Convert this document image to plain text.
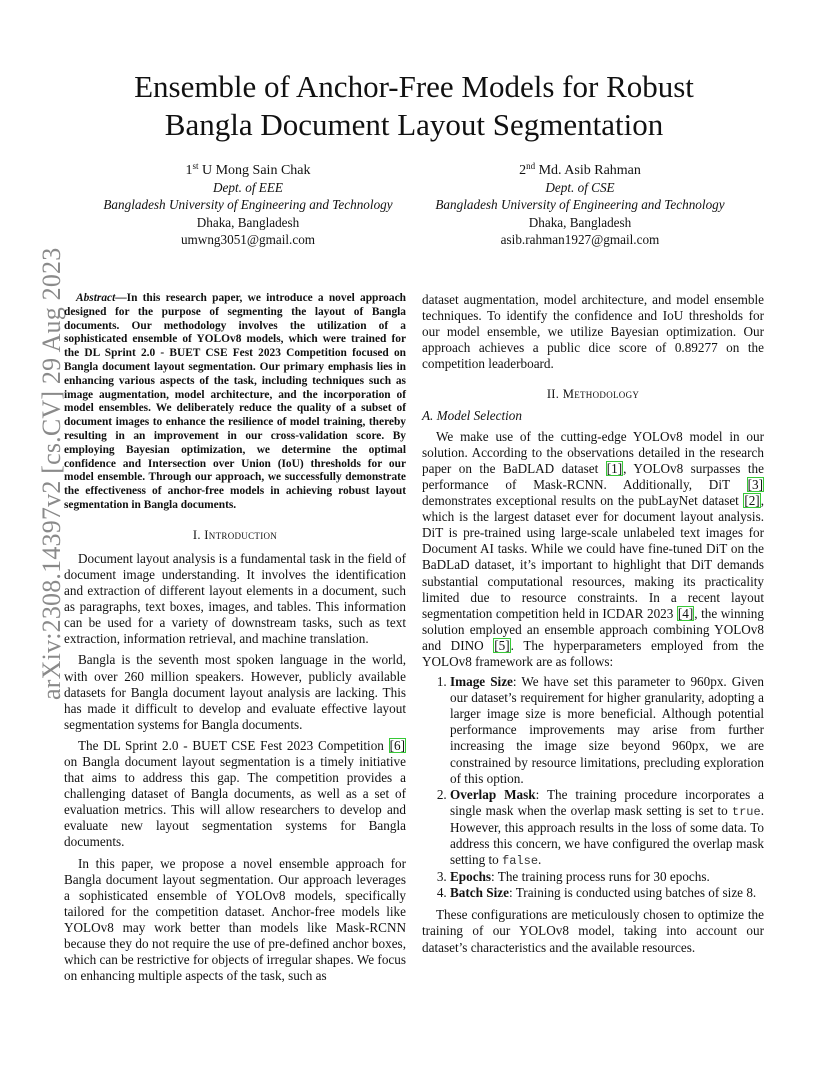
arXiv:2308.14397v2 [cs.CV] 29 Aug 2023
Ensemble of Anchor-Free Models for Robust
Bangla Document Layout Segmentation
1st U Mong Sain Chak
Dept. of EEE
Bangladesh University of Engineering and Technology
Dhaka, Bangladesh
umwng3051@gmail.com
2nd Md. Asib Rahman
Dept. of CSE
Bangladesh University of Engineering and Technology
Dhaka, Bangladesh
asib.rahman1927@gmail.com

Abstract—In this research paper, we introduce a novel approach designed for the purpose of segmenting the layout of Bangla documents. Our methodology involves the utilization of a sophisticated ensemble of YOLOv8 models, which were trained for the DL Sprint 2.0 - BUET CSE Fest 2023 Competition focused on Bangla document layout segmentation. Our primary emphasis lies in enhancing various aspects of the task, including techniques such as image augmentation, model architecture, and the incorporation of model ensembles. We deliberately reduce the quality of a subset of document images to enhance the resilience of model training, thereby resulting in an improvement in our cross-validation score. By employing Bayesian optimization, we determine the optimal confidence and Intersection over Union (IoU) thresholds for our model ensemble. Through our approach, we successfully demonstrate the effectiveness of anchor-free models in achieving robust layout segmentation in Bangla documents.

I. Introduction

Document layout analysis is a fundamental task in the field of document image understanding. It involves the identification and extraction of different layout elements in a document, such as paragraphs, text boxes, images, and tables. This information can be used for a variety of downstream tasks, such as text extraction, information retrieval, and machine translation.

Bangla is the seventh most spoken language in the world, with over 260 million speakers. However, publicly available datasets for Bangla document layout analysis are lacking. This has made it difficult to develop and evaluate effective layout segmentation systems for Bangla documents.

The DL Sprint 2.0 - BUET CSE Fest 2023 Competition [6] on Bangla document layout segmentation is a timely initiative that aims to address this gap. The competition provides a challenging dataset of Bangla documents, as well as a set of evaluation metrics. This will allow researchers to develop and evaluate new layout segmentation systems for Bangla documents.

In this paper, we propose a novel ensemble approach for Bangla document layout segmentation. Our approach leverages a sophisticated ensemble of YOLOv8 models, specifically tailored for the competition dataset. Anchor-free models like YOLOv8 may work better than models like Mask-RCNN because they do not require the use of pre-defined anchor boxes, which can be restrictive for objects of irregular shapes. We focus on enhancing multiple aspects of the task, such as

dataset augmentation, model architecture, and model ensemble techniques. To identify the confidence and IoU thresholds for our model ensemble, we utilize Bayesian optimization. Our approach achieves a public dice score of 0.89277 on the competition leaderboard.

II. Methodology
A. Model Selection

We make use of the cutting-edge YOLOv8 model in our solution. According to the observations detailed in the research paper on the BaDLAD dataset [1], YOLOv8 surpasses the performance of Mask-RCNN. Additionally, DiT [3] demonstrates exceptional results on the pubLayNet dataset [2], which is the largest dataset ever for document layout analysis. DiT is pre-trained using large-scale unlabeled text images for Document AI tasks. While we could have fine-tuned DiT on the BaDLaD dataset, it’s important to highlight that DiT demands substantial computational resources, making its practicality limited due to resource constraints. In a recent layout segmentation competition held in ICDAR 2023 [4], the winning solution employed an ensemble approach combining YOLOv8 and DINO [5]. The hyperparameters employed from the YOLOv8 framework are as follows:

1. Image Size: We have set this parameter to 960px. Given our dataset’s requirement for higher granularity, adopting a larger image size is more beneficial. Although potential performance improvements may arise from further increasing the image size beyond 960px, we are constrained by resource limitations, precluding exploration of this option.
2. Overlap Mask: The training procedure incorporates a single mask when the overlap mask setting is set to true. However, this approach results in the loss of some data. To address this concern, we have configured the overlap mask setting to false.
3. Epochs: The training process runs for 30 epochs.
4. Batch Size: Training is conducted using batches of size 8.

These configurations are meticulously chosen to optimize the training of our YOLOv8 model, taking into account our dataset’s characteristics and the available resources.
